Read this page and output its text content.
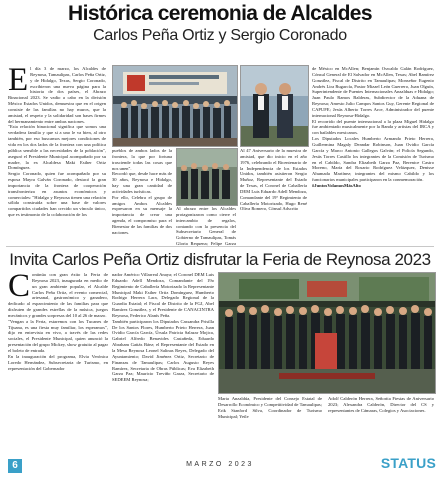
Histórica ceremonia de Alcaldes
Carlos Peña Ortiz y Sergio Coronado
E l día 3 de marzo, los Alcaldes de Reynosa, Tamaulipas, Carlos Peña Ortiz, y de Hidalgo, Texas, Sergio Coronado, escribieron una nueva página para la historia de dos países, el Abrazo Binacional 2023. Se vadio a cabo en la división México Estados Unidos, demuestra que en el origen consiste de las familias no hay muros, que la amistad, el respeto y la solidaridad son bases firmes del hermanamiento entre ambas naciones.

"Esta relación binacional significa que somos una verdadera familia y que si a uno le va bien, al otro también, por eso buscamos mejores condiciones de vida en los dos lados de la frontera con una política pública sensible a las necesidades de la población", aseguró el Presidente Municipal acompañado por su madre, la ex Alcaldesa Maki Esther Ortiz Domínguez.

Sergio Coronado, quien fue acompañado por su esposa Mayra Galván Coronado, destacó la gran importancia de la frontera de cooperación transfronteriza en asuntos económicos y comerciales: "Hidalgo y Reynosa tienen una relación sólida construida sobre una base de valores compartidos ciudades han crecido un vínculo único, que es testimonio de la colaboración de los

pueblos de ambos lados de la frontera, la que por fortuna trasciende todas las cosas que nos unen".

Recordó que, desde hace más de 30 años, Reynosa e Hidalgo, hay una gran cantidad de actividades turísticas.

Por ello, Celebra el grupo de amigos Ambos Alcaldes expresaron en su mensaje la importancia de crear una agenda, el compromiso para el Bienestar de las familias de dos naciones.

Al abrazo entre los Alcaldes protagonizaron como cierre el intercambio de regalos, contando con la presencia del Subsecretario General de Gobierno de Tamaulipas, Tomás Gloria Requena; Felipe Garza

Al 47 Aniversario de la muestra de amistad, que dio inicio en el año 1976, celebrando el Bicentenario de la Independencia de los Estados Unidos, también asistieron Sergio Muñoz, Representante del Estado de Texas, el Coronel de Caballería DEM Luis Eduardo Adell Mendoza, Comandante del 19° Regimiento de Caballería Motorizado, Hugo René Oliva Romero, Cónsul Adscrito

de México en McAllen; Benjamín Oswaldo Galán Rodríguez, Cónsul General de El Salvador en McAllen, Texas; Abel Ramírez González, Fiscal de Distrito en Tamaulipas; Monseñor Eugenio Andrés Lira Rugarcía, Pastor Mizael León Guerrero, Juan Olguín, Superintendente de Puentes Internacionales Anzalduas e Hidalgo; Juan Paulo Ramos Balderas, Subdirector de la Aduana de Reynosa; Amesto Julio Campos Santos Guy, Gerente Regional de CAPUFE; Jesús Alberto Torres Arce, Administrador del puente internacional Reynosa-Hidalgo.

El recorrido del puente internacional a la plaza Miguel Hidalgo fue ambientado musicalmente por la Banda y artistas del IRCA y con bailables mexicanos.

Los Diputados Locales Humberto Armando Prieto Herrera, Guillermina Magaly Deandar Robinson, Juan Ovidio García García y Marco Antonio Gallegos Galván; el Policía Segundo, Jesús Torres Castillo los integrantes de la Comisión de Turismo en el Cabildo, Sandra Elizabeth Garza Paz, Berenice Castro Moreno, María del Rosario Rodríguez Velázquez, Denisse Ahumada Martínez; integrantes del mismo Cabildo y los funcionarios municipales participaron en la conmemoración.

#JuntosVolamosMásAlto

Invita Carlos Peña Ortiz disfrutar la Feria de Reynosa 2023
C ontinúa con gran éxito la Feria de Reynosa 2023, inaugurada en medio de un gran ambiente popular, el Alcalde Carlos Peña Ortiz, el evento comercial, artesanal, gastronómico y ganadero, dedicado al esparcimiento de las familias para que disfruten de grandes estrellas de la música, juegos mecánicos y grandes sorpresas del 10 al 26 de marzo.

"Vengan a la Feria, estaremos con los Tucanes de Tijuana, es una fiesta muy familiar, los esperamos", dijo en entrevista en vivo, a través de las redes sociales, el Presidente Municipal, quien anunció la presentación del grupo Mickey, show gratuito al pagar el boleto de entrada.

En la inauguración del programa, Elvia Verónica Loredo Hernández, Subsecretaria de Turismo, en representación del Gobernador

nador Américo Villarreal Anaya; el Coronel DEM Luis Eduardo Adell Mendoza, Comandante del 19o Regimiento de Caballería Motorizado la Representante Municipal Maki Esther Ortiz Domínguez, Humberto Rodrigo Herrera Lara, Delegado Regional de la Guardia Estatal; el Fiscal de Distrito de la FGJ, Abel Ramírez González, y el Presidente de CANACINTRA Reynosa, Federico Alanís Peña.

También participaron los Diputados Cassandra Prisilla De los Santos Flores, Humberto Prieto Herrera, Juan Ovidio García García, Úrsula Patricia Salazar Mojica, Gabriel Alfredo Benavides Castañeda, Eduardo Abraham Gattás Báez; el Representante del Estado en la Mesa Reynosa Leonel Salinas Reyes, Delegado del Ayuntamiento; David Jiménez Ortiz, Secretario de Finanzas de Tamaulipas; Carlos Augusto Reyes Ramírez, Secretaria de Obras Públicas; Eva Elizabeth Garza Paz; Mauricio Treviño Garza, Secretario de SEDEEM Reynosa;

Marta Anzaldúa, Presidente del Consejo Estatal de Desarrollo Económico y Competitividad de Tamaulipas; Erik Stanford Silva, Coordinador de Turismo Municipal; Yeile

Adolf Calderón Herrera, Señorita Fiestas de Aniversario 2023; Alexandra Calderón, Director del CS y representantes de Cámaras, Colegios y Asociaciones.

6	MARZO 2023	STATUS
